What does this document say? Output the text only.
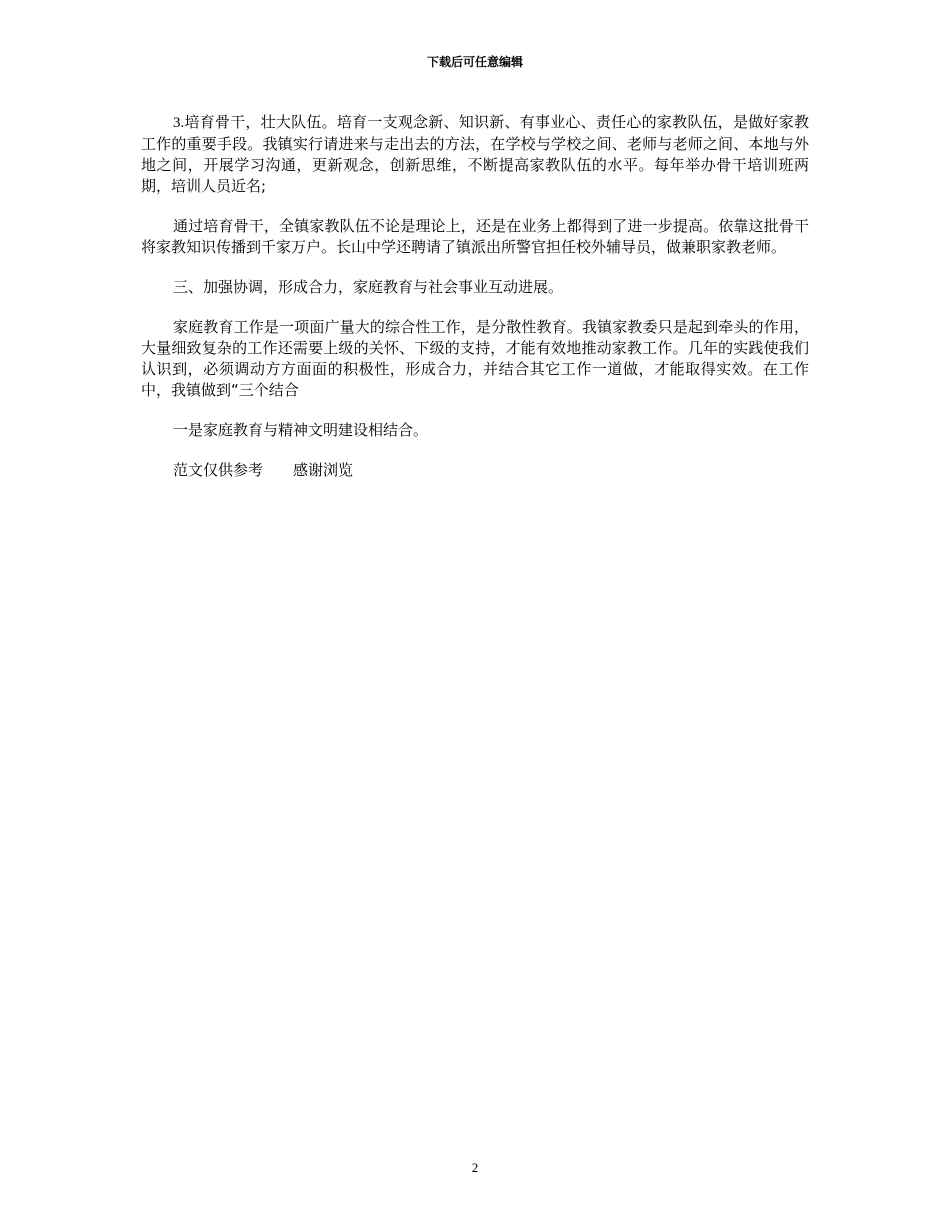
下载后可任意编辑

3.培育骨干，壮大队伍。培育一支观念新、知识新、有事业心、责任心的家教队伍，是做好家教工作的重要手段。我镇实行请进来与走出去的方法，在学校与学校之间、老师与老师之间、本地与外地之间，开展学习沟通，更新观念，创新思维，不断提高家教队伍的水平。每年举办骨干培训班两期，培训人员近名;

通过培育骨干，全镇家教队伍不论是理论上，还是在业务上都得到了进一步提高。依靠这批骨干将家教知识传播到千家万户。长山中学还聘请了镇派出所警官担任校外辅导员，做兼职家教老师。

三、加强协调，形成合力，家庭教育与社会事业互动进展。

家庭教育工作是一项面广量大的综合性工作，是分散性教育。我镇家教委只是起到牵头的作用，大量细致复杂的工作还需要上级的关怀、下级的支持，才能有效地推动家教工作。几年的实践使我们认识到，必须调动方方面面的积极性，形成合力，并结合其它工作一道做，才能取得实效。在工作中，我镇做到“三个结合

一是家庭教育与精神文明建设相结合。

范文仅供参考 感谢浏览

2
